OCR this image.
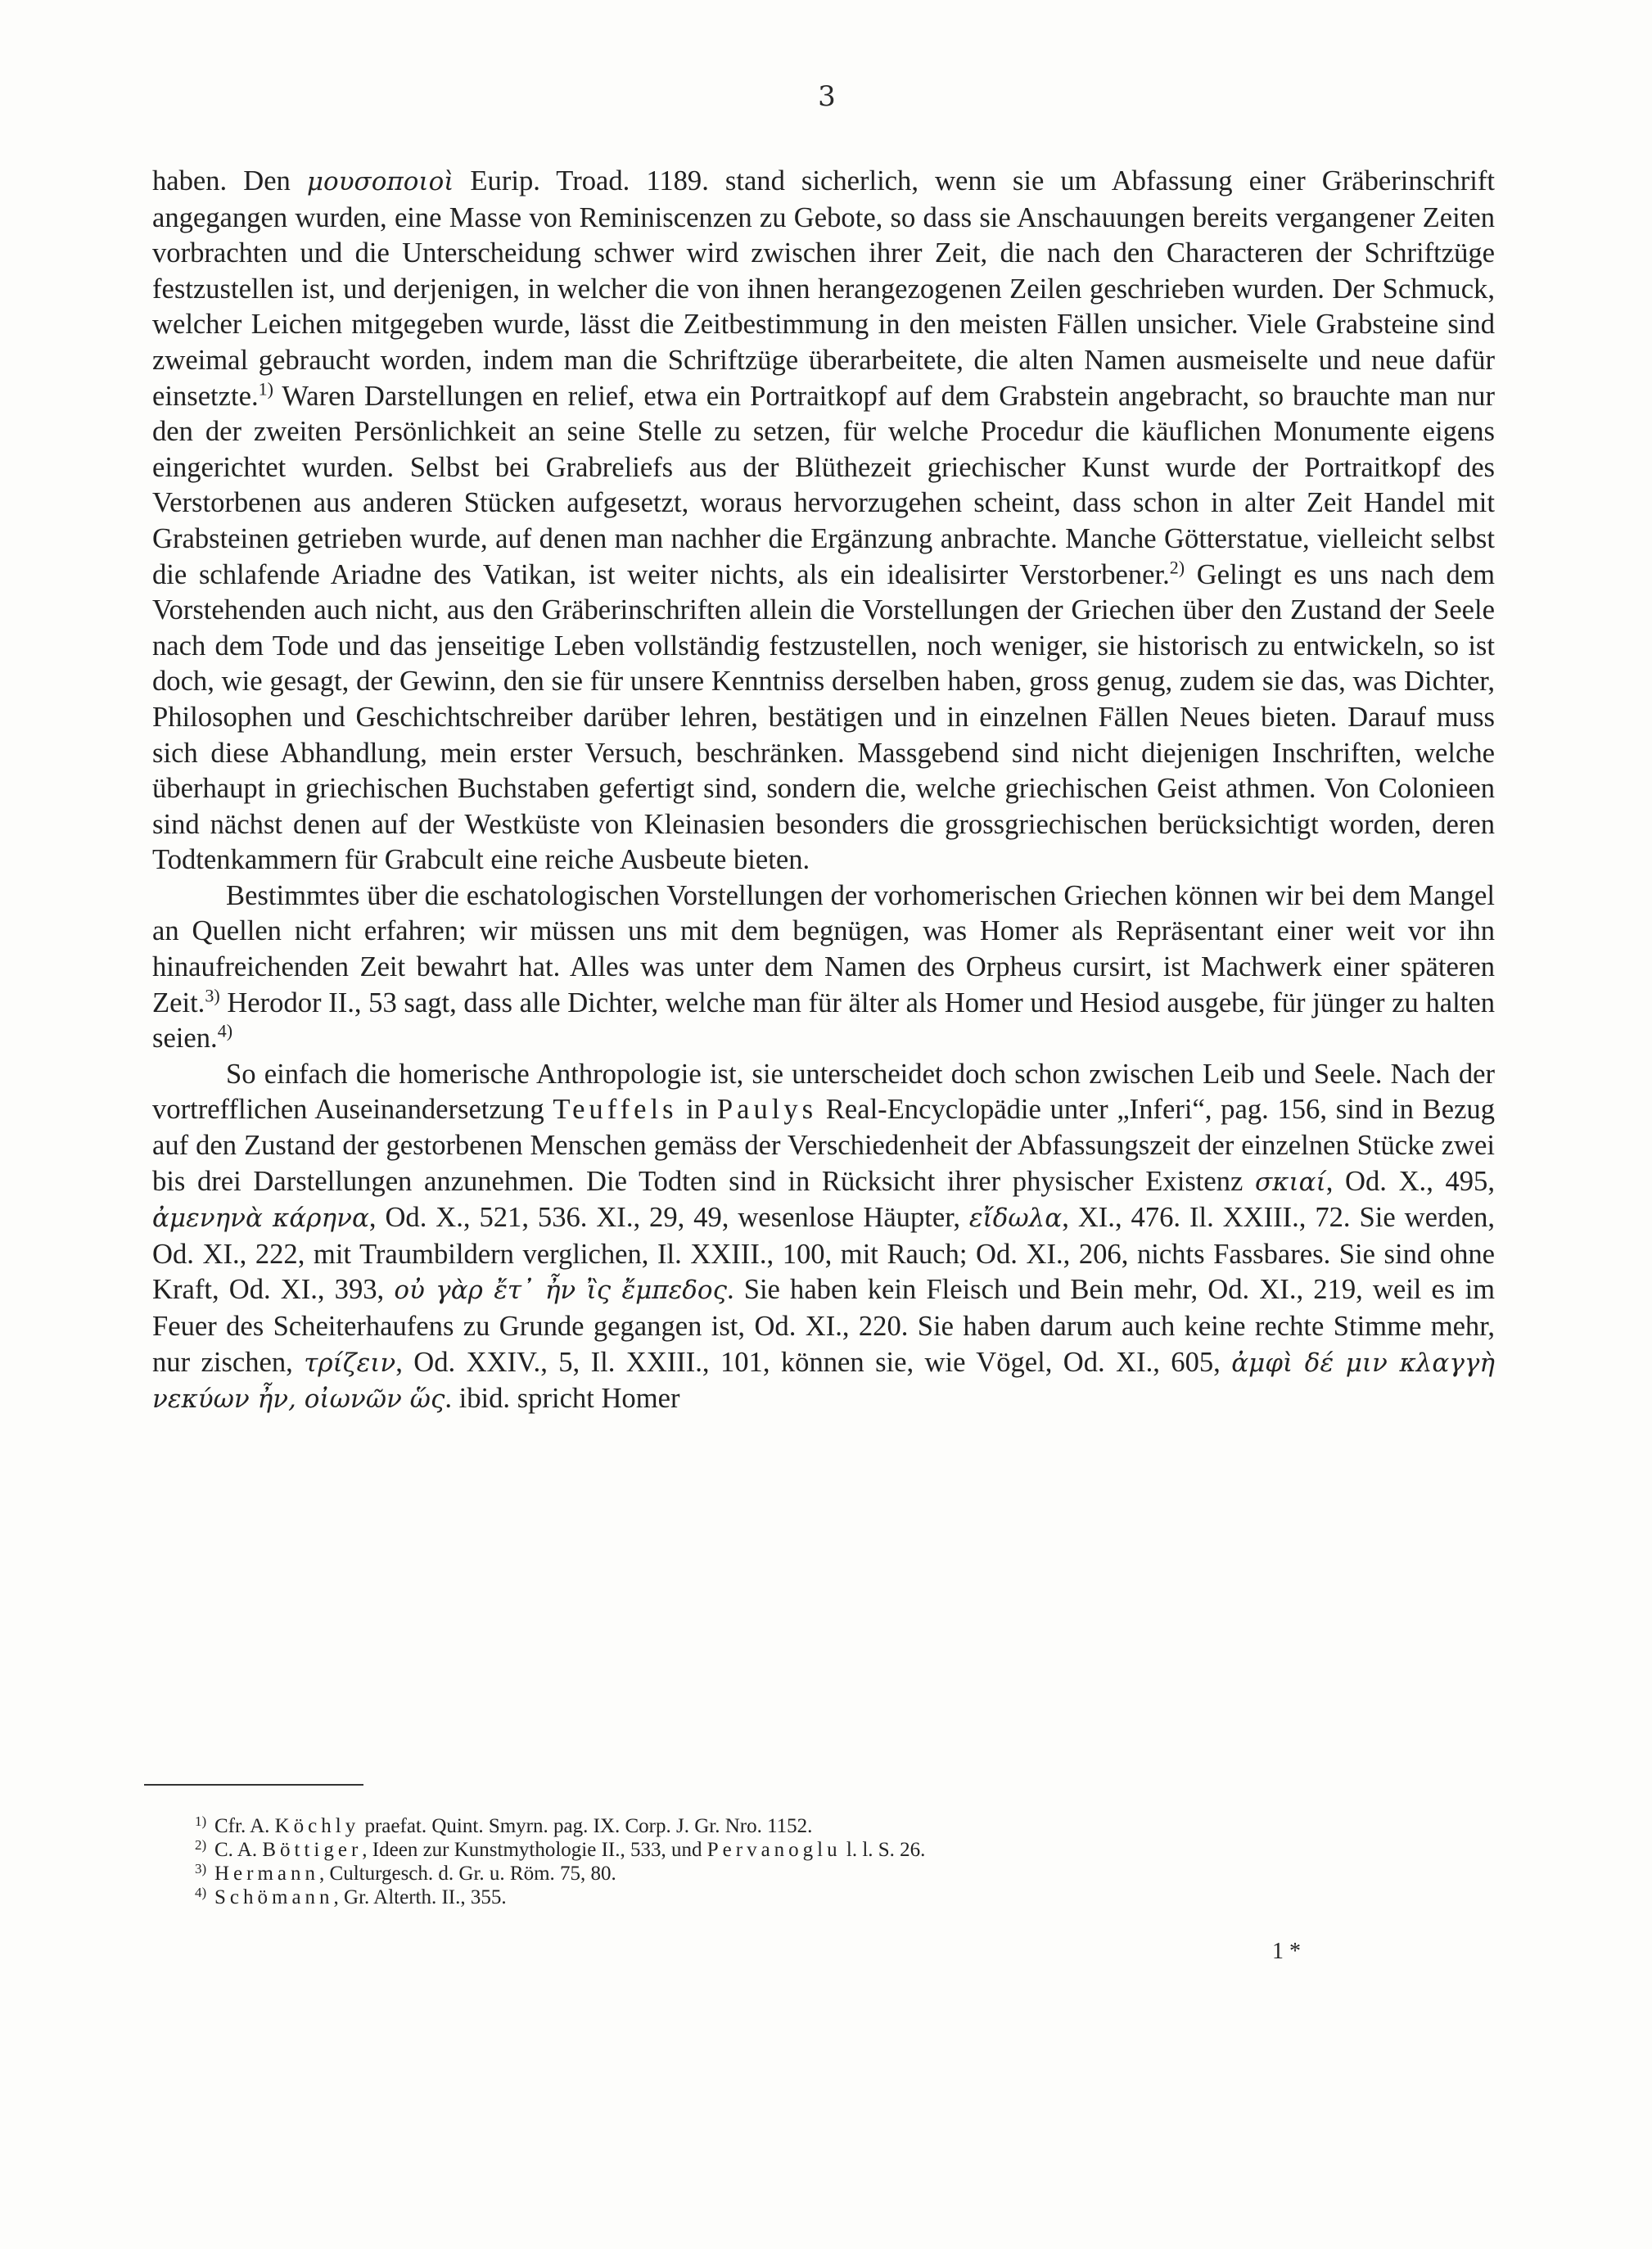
3

haben. Den μουσοποιοὶ Eurip. Troad. 1189. stand sicherlich, wenn sie um Abfassung einer Gräberinschrift angegangen wurden, eine Masse von Reminiscenzen zu Gebote, so dass sie Anschauungen bereits vergangener Zeiten vorbrachten und die Unterscheidung schwer wird zwischen ihrer Zeit, die nach den Characteren der Schriftzüge festzustellen ist, und derjenigen, in welcher die von ihnen herangezogenen Zeilen geschrieben wurden. Der Schmuck, welcher Leichen mitgegeben wurde, lässt die Zeitbestimmung in den meisten Fällen unsicher. Viele Grabsteine sind zweimal gebraucht worden, indem man die Schriftzüge überarbeitete, die alten Namen ausmeiselte und neue dafür einsetzte.$^{1)}$ Waren Darstellungen en relief, etwa ein Portraitkopf auf dem Grabstein angebracht, so brauchte man nur den der zweiten Persönlichkeit an seine Stelle zu setzen, für welche Procedur die käuflichen Monumente eigens eingerichtet wurden. Selbst bei Grabreliefs aus der Blüthezeit griechischer Kunst wurde der Portraitkopf des Verstorbenen aus anderen Stücken aufgesetzt, woraus hervorzugehen scheint, dass schon in alter Zeit Handel mit Grabsteinen getrieben wurde, auf denen man nachher die Ergänzung anbrachte. Manche Götterstatue, vielleicht selbst die schlafende Ariadne des Vatikan, ist weiter nichts, als ein idealisirter Verstorbener.$^{2)}$ Gelingt es uns nach dem Vorstehenden auch nicht, aus den Gräberinschriften allein die Vorstellungen der Griechen über den Zustand der Seele nach dem Tode und das jenseitige Leben vollständig festzustellen, noch weniger, sie historisch zu entwickeln, so ist doch, wie gesagt, der Gewinn, den sie für unsere Kenntniss derselben haben, gross genug, zudem sie das, was Dichter, Philosophen und Geschichtschreiber darüber lehren, bestätigen und in einzelnen Fällen Neues bieten. Darauf muss sich diese Abhandlung, mein erster Versuch, beschränken. Massgebend sind nicht diejenigen Inschriften, welche überhaupt in griechischen Buchstaben gefertigt sind, sondern die, welche griechischen Geist athmen. Von Colonieen sind nächst denen auf der Westküste von Kleinasien besonders die grossgriechischen berücksichtigt worden, deren Todtenkammern für Grabcult eine reiche Ausbeute bieten.

Bestimmtes über die eschatologischen Vorstellungen der vorhomerischen Griechen können wir bei dem Mangel an Quellen nicht erfahren; wir müssen uns mit dem begnügen, was Homer als Repräsentant einer weit vor ihn hinaufreichenden Zeit bewahrt hat. Alles was unter dem Namen des Orpheus cursirt, ist Machwerk einer späteren Zeit.$^{3)}$ Herodor II., 53 sagt, dass alle Dichter, welche man für älter als Homer und Hesiod ausgebe, für jünger zu halten seien.$^{4)}$

So einfach die homerische Anthropologie ist, sie unterscheidet doch schon zwischen Leib und Seele. Nach der vortrefflichen Auseinandersetzung Teuffels in Paulys Real-Encyclopädie unter „Inferi“, pag. 156, sind in Bezug auf den Zustand der gestorbenen Menschen gemäss der Verschiedenheit der Abfassungszeit der einzelnen Stücke zwei bis drei Darstellungen anzunehmen. Die Todten sind in Rücksicht ihrer physischer Existenz σκιαί, Od. X., 495, ἀμενηνὰ κάρηνα, Od. X., 521, 536. XI., 29, 49, wesenlose Häupter, εἴδωλα, XI., 476. Il. XXIII., 72. Sie werden, Od. XI., 222, mit Traumbildern verglichen, Il. XXIII., 100, mit Rauch; Od. XI., 206, nichts Fassbares. Sie sind ohne Kraft, Od. XI., 393, οὐ γὰρ ἔτ᾽ ἦν ἲς ἔμπεδος. Sie haben kein Fleisch und Bein mehr, Od. XI., 219, weil es im Feuer des Scheiterhaufens zu Grunde gegangen ist, Od. XI., 220. Sie haben darum auch keine rechte Stimme mehr, nur zischen, τρίζειν, Od. XXIV., 5, Il. XXIII., 101, können sie, wie Vögel, Od. XI., 605, ἀμφὶ δέ μιν κλαγγὴ νεκύων ἦν, οἰωνῶν ὥς. ibid. spricht Homer

1) Cfr. A. Köchly praefat. Quint. Smyrn. pag. IX. Corp. J. Gr. Nro. 1152.
2) C. A. Böttiger, Ideen zur Kunstmythologie II., 533, und Pervanoglu l. l. S. 26.
3) Hermann, Culturgesch. d. Gr. u. Röm. 75, 80.
4) Schömann, Gr. Alterth. II., 355.
1 *
